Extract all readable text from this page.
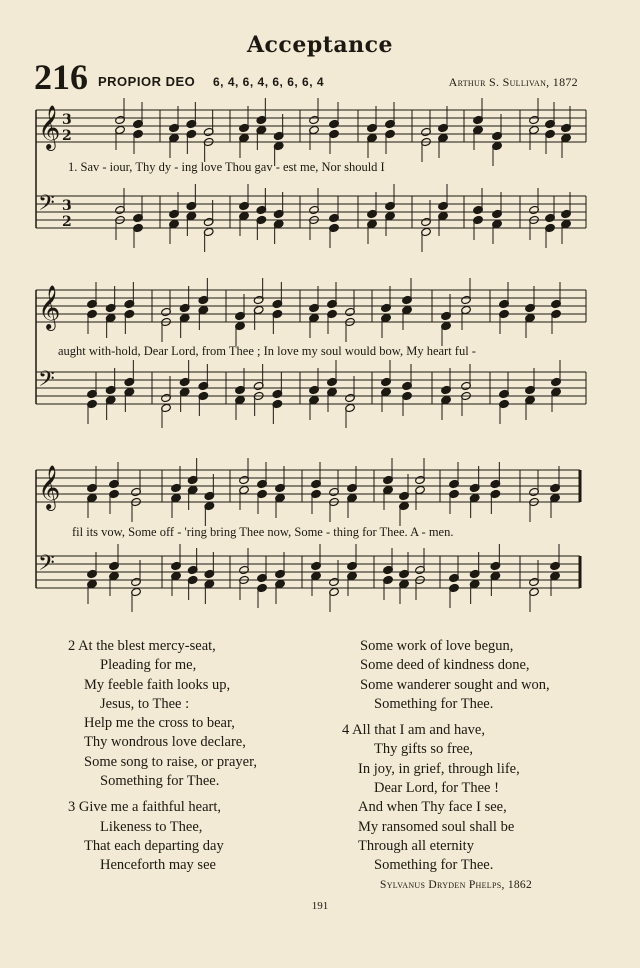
Acceptance
216 PROPIOR DEO 6, 4, 6, 4, 6, 6, 6, 4	Arthur S. Sullivan, 1872
𝄞
𝄢
𝄞
𝄢
𝄞
𝄢
3
2
3
2
1. Sav - iour, Thy dy - ing love Thou gav - est me, Nor should I
aught with-hold, Dear Lord, from Thee ; In love my soul would bow, My heart ful -
fil its vow, Some off - 'ring bring Thee now, Some - thing for Thee. A - men.
2 At the blest mercy-seat,
Pleading for me,
My feeble faith looks up,
Jesus, to Thee :
Help me the cross to bear,
Thy wondrous love declare,
Some song to raise, or prayer,
Something for Thee.
3 Give me a faithful heart,
Likeness to Thee,
That each departing day
Henceforth may see
Some work of love begun,
Some deed of kindness done,
Some wanderer sought and won,
Something for Thee.
4 All that I am and have,
Thy gifts so free,
In joy, in grief, through life,
Dear Lord, for Thee !
And when Thy face I see,
My ransomed soul shall be
Through all eternity
Something for Thee.
Sylvanus Dryden Phelps, 1862
191
